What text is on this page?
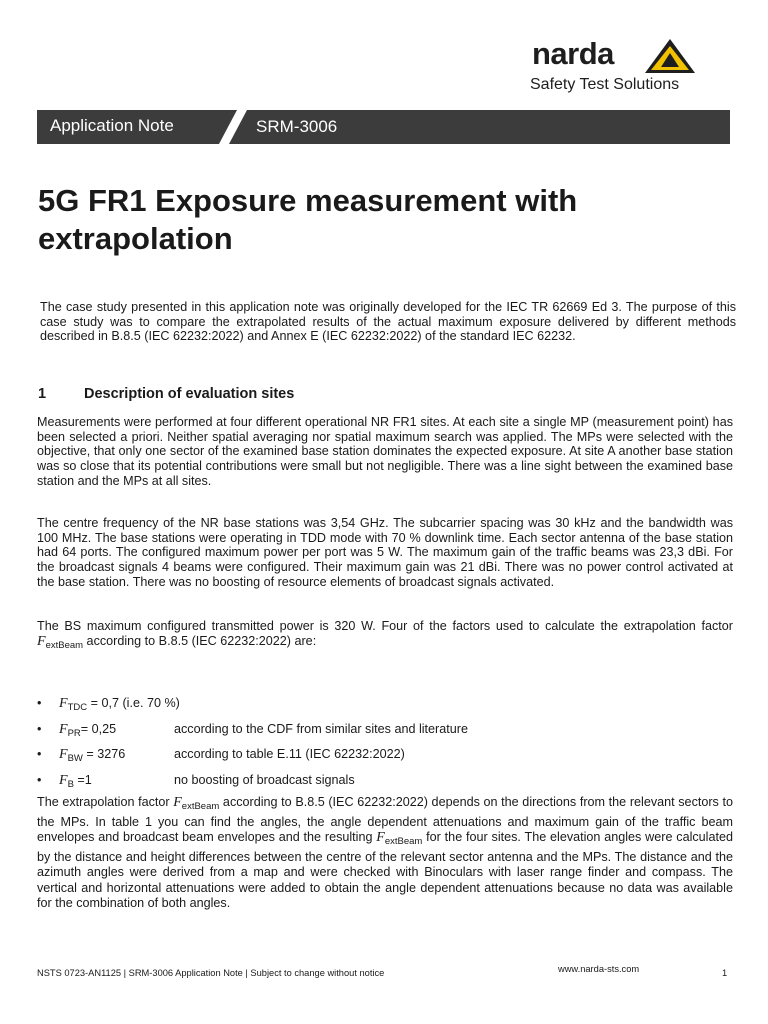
narda
Safety Test Solutions
Application Note	SRM-3006
5G FR1 Exposure measurement with extrapolation

The case study presented in this application note was originally developed for the IEC TR 62669 Ed 3. The purpose of this case study was to compare the extrapolated results of the actual maximum exposure delivered by different methods described in B.8.5 (IEC 62232:2022) and Annex E (IEC 62232:2022) of the standard IEC 62232.

1	Description of evaluation sites

Measurements were performed at four different operational NR FR1 sites. At each site a single MP (measurement point) has been selected a priori. Neither spatial averaging nor spatial maximum search was applied. The MPs were selected with the objective, that only one sector of the examined base station dominates the expected exposure. At site A another base station was so close that its potential contributions were small but not negligible. There was a line sight between the examined base station and the MPs at all sites.

The centre frequency of the NR base stations was 3,54 GHz. The subcarrier spacing was 30 kHz and the bandwidth was 100 MHz. The base stations were operating in TDD mode with 70 % downlink time. Each sector antenna of the base station had 64 ports. The configured maximum power per port was 5 W. The maximum gain of the traffic beams was 23,3 dBi. For the broadcast signals 4 beams were configured. Their maximum gain was 21 dBi. There was no power control activated at the base station. There was no boosting of resource elements of broadcast signals activated.

The BS maximum configured transmitted power is 320 W. Four of the factors used to calculate the extrapolation factor $F_{extBeam}$ according to B.8.5 (IEC 62232:2022) are:

• $F_{TDC} = 0,7$ (i.e. 70 %)
• $F_{PR}= 0,25$	according to the CDF from similar sites and literature
• $F_{BW} = 3276$	according to table E.11 (IEC 62232:2022)
• $F_B =1$	no boosting of broadcast signals

The extrapolation factor $F_{extBeam}$ according to B.8.5 (IEC 62232:2022) depends on the directions from the relevant sectors to the MPs. In table 1 you can find the angles, the angle dependent attenuations and maximum gain of the traffic beam envelopes and broadcast beam envelopes and the resulting $F_{extBeam}$ for the four sites. The elevation angles were calculated by the distance and height differences between the centre of the relevant sector antenna and the MPs. The distance and the azimuth angles were derived from a map and were checked with Binoculars with laser range finder and compass. The vertical and horizontal attenuations were added to obtain the angle dependent attenuations because no data was available for the combination of both angles.

NSTS 0723-AN1125 | SRM-3006 Application Note | Subject to change without notice	www.narda-sts.com	1
